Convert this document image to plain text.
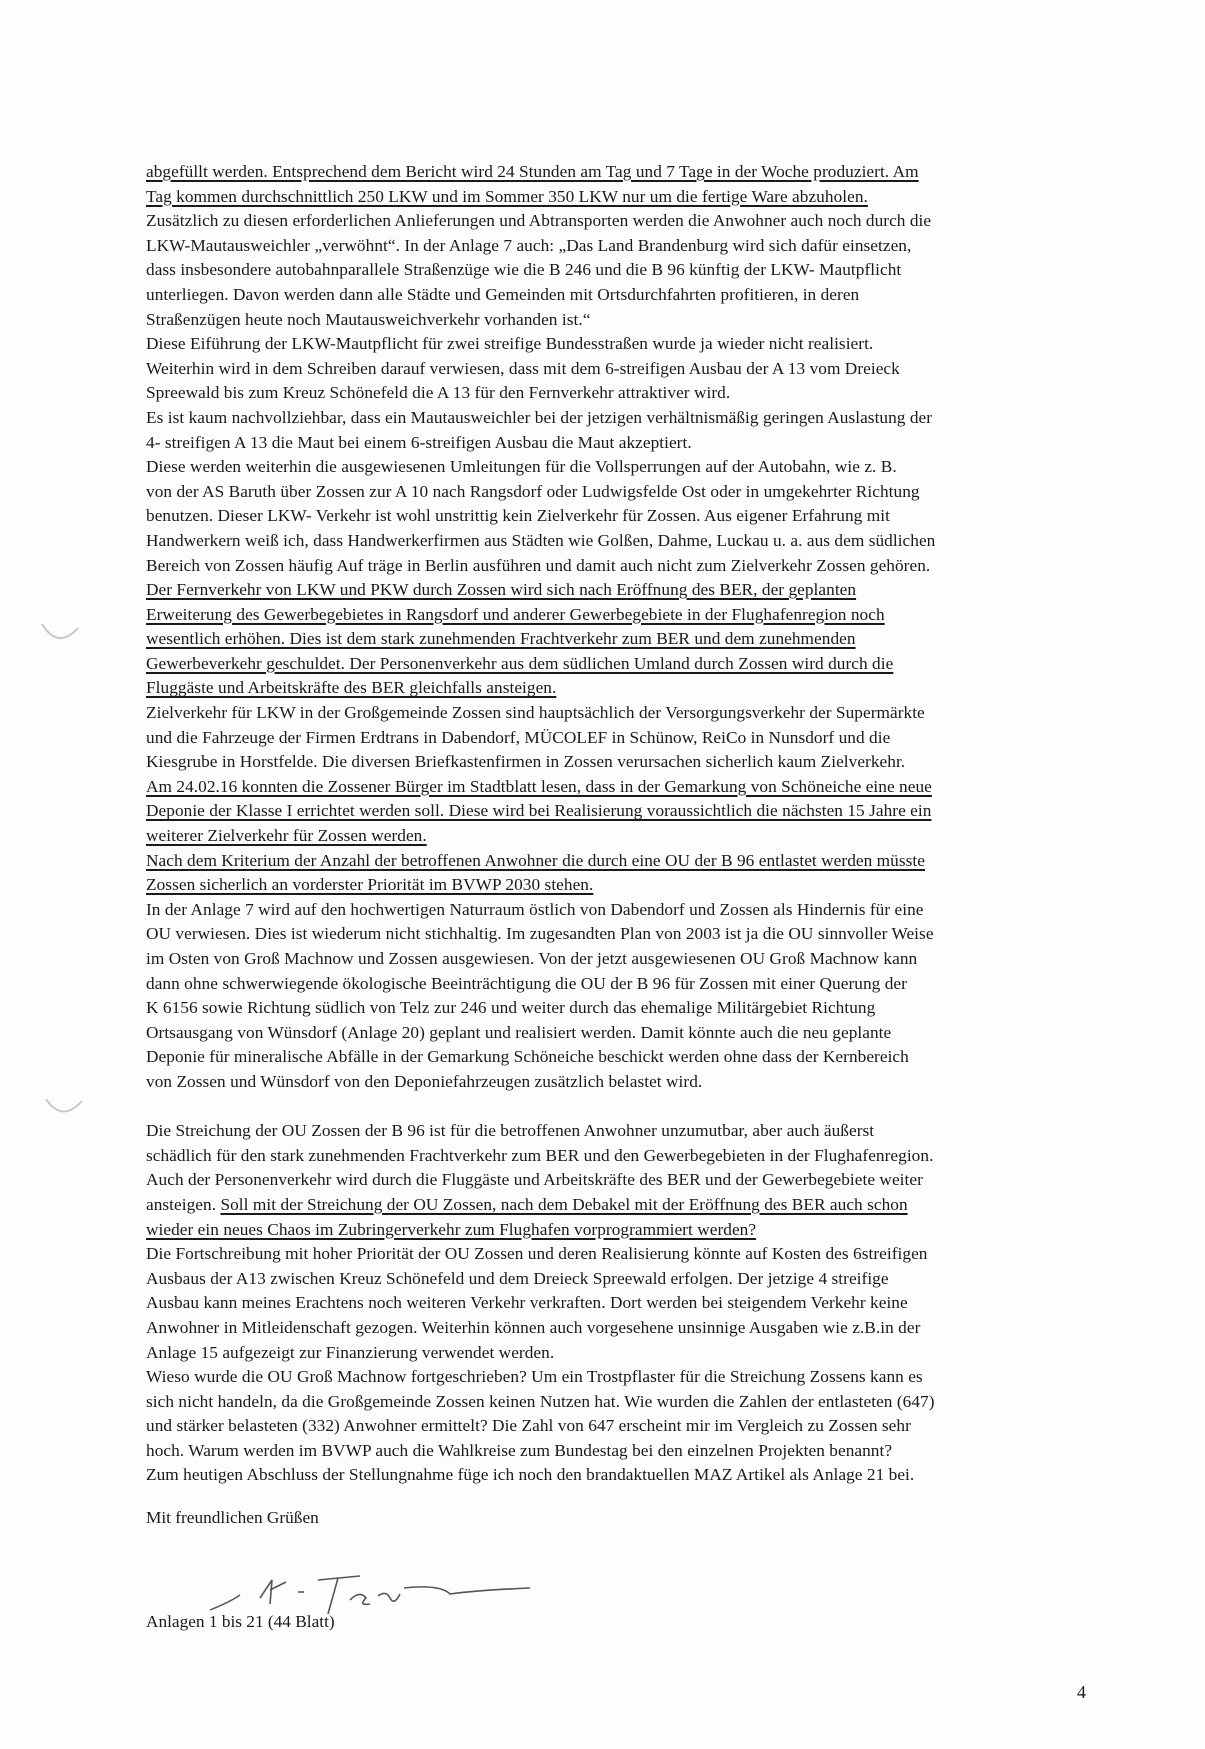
abgefüllt werden. Entsprechend dem Bericht wird 24 Stunden am Tag und 7 Tage in der Woche produziert. Am
Tag kommen durchschnittlich 250 LKW und im Sommer 350 LKW nur um die fertige Ware abzuholen.
Zusätzlich zu diesen erforderlichen Anlieferungen und Abtransporten werden die Anwohner auch noch durch die
LKW-Mautausweichler „verwöhnt“. In der Anlage 7 auch: „Das Land Brandenburg wird sich dafür einsetzen,
dass insbesondere autobahnparallele Straßenzüge wie die B 246 und die B 96 künftig der LKW- Mautpflicht
unterliegen. Davon werden dann alle Städte und Gemeinden mit Ortsdurchfahrten profitieren, in deren
Straßenzügen heute noch Mautausweichverkehr vorhanden ist.“
Diese Eiführung der LKW-Mautpflicht für zwei streifige Bundesstraßen wurde ja wieder nicht realisiert.
Weiterhin wird in dem Schreiben darauf verwiesen, dass mit dem 6-streifigen Ausbau der A 13 vom Dreieck
Spreewald bis zum Kreuz Schönefeld die A 13 für den Fernverkehr attraktiver wird.
Es ist kaum nachvollziehbar, dass ein Mautausweichler bei der jetzigen verhältnismäßig geringen Auslastung der
4- streifigen A 13 die Maut bei einem 6-streifigen Ausbau die Maut akzeptiert.
Diese werden weiterhin die ausgewiesenen Umleitungen für die Vollsperrungen auf der Autobahn, wie z. B.
von der AS Baruth über Zossen zur A 10 nach Rangsdorf oder Ludwigsfelde Ost oder in umgekehrter Richtung
benutzen. Dieser LKW- Verkehr ist wohl unstrittig kein Zielverkehr für Zossen. Aus eigener Erfahrung mit
Handwerkern weiß ich, dass Handwerkerfirmen aus Städten wie Golßen, Dahme, Luckau u. a. aus dem südlichen
Bereich von Zossen häufig Auf träge in Berlin ausführen und damit auch nicht zum Zielverkehr Zossen gehören.
Der Fernverkehr von LKW und PKW durch Zossen wird sich nach Eröffnung des BER, der geplanten
Erweiterung des Gewerbegebietes in Rangsdorf und anderer Gewerbegebiete in der Flughafenregion noch
wesentlich erhöhen. Dies ist dem stark zunehmenden Frachtverkehr zum BER und dem zunehmenden
Gewerbeverkehr geschuldet. Der Personenverkehr aus dem südlichen Umland durch Zossen wird durch die
Fluggäste und Arbeitskräfte des BER gleichfalls ansteigen.
Zielverkehr für LKW in der Großgemeinde Zossen sind hauptsächlich der Versorgungsverkehr der Supermärkte
und die Fahrzeuge der Firmen Erdtrans in Dabendorf, MÜCOLEF in Schünow, ReiCo in Nunsdorf und die
Kiesgrube in Horstfelde. Die diversen Briefkastenfirmen in Zossen verursachen sicherlich kaum Zielverkehr.
Am 24.02.16 konnten die Zossener Bürger im Stadtblatt lesen, dass in der Gemarkung von Schöneiche eine neue
Deponie der Klasse I errichtet werden soll. Diese wird bei Realisierung voraussichtlich die nächsten 15 Jahre ein
weiterer Zielverkehr für Zossen werden.
Nach dem Kriterium der Anzahl der betroffenen Anwohner die durch eine OU der B 96 entlastet werden müsste
Zossen sicherlich an vorderster Priorität im BVWP 2030 stehen.
In der Anlage 7 wird auf den hochwertigen Naturraum östlich von Dabendorf und Zossen als Hindernis für eine
OU verwiesen. Dies ist wiederum nicht stichhaltig. Im zugesandten Plan von 2003 ist ja die OU sinnvoller Weise
im Osten von Groß Machnow und Zossen ausgewiesen. Von der jetzt ausgewiesenen OU Groß Machnow kann
dann ohne schwerwiegende ökologische Beeinträchtigung die OU der B 96 für Zossen mit einer Querung der
K 6156 sowie Richtung südlich von Telz zur 246 und weiter durch das ehemalige Militärgebiet Richtung
Ortsausgang von Wünsdorf (Anlage 20) geplant und realisiert werden. Damit könnte auch die neu geplante
Deponie für mineralische Abfälle in der Gemarkung Schöneiche beschickt werden ohne dass der Kernbereich
von Zossen und Wünsdorf von den Deponiefahrzeugen zusätzlich belastet wird.
Die Streichung der OU Zossen der B 96 ist für die betroffenen Anwohner unzumutbar, aber auch äußerst
schädlich für den stark zunehmenden Frachtverkehr zum BER und den Gewerbegebieten in der Flughafenregion.
Auch der Personenverkehr wird durch die Fluggäste und Arbeitskräfte des BER und der Gewerbegebiete weiter
ansteigen. Soll mit der Streichung der OU Zossen, nach dem Debakel mit der Eröffnung des BER auch schon
wieder ein neues Chaos im Zubringerverkehr zum Flughafen vorprogrammiert werden?
Die Fortschreibung mit hoher Priorität der OU Zossen und deren Realisierung könnte auf Kosten des 6streifigen
Ausbaus der A13 zwischen Kreuz Schönefeld und dem Dreieck Spreewald erfolgen. Der jetzige 4 streifige
Ausbau kann meines Erachtens noch weiteren Verkehr verkraften. Dort werden bei steigendem Verkehr keine
Anwohner in Mitleidenschaft gezogen. Weiterhin können auch vorgesehene unsinnige Ausgaben wie z.B.in der
Anlage 15 aufgezeigt zur Finanzierung verwendet werden.
Wieso wurde die OU Groß Machnow fortgeschrieben? Um ein Trostpflaster für die Streichung Zossens kann es
sich nicht handeln, da die Großgemeinde Zossen keinen Nutzen hat. Wie wurden die Zahlen der entlasteten (647)
und stärker belasteten (332) Anwohner ermittelt? Die Zahl von 647 erscheint mir im Vergleich zu Zossen sehr
hoch. Warum werden im BVWP auch die Wahlkreise zum Bundestag bei den einzelnen Projekten benannt?
Zum heutigen Abschluss der Stellungnahme füge ich noch den brandaktuellen MAZ Artikel als Anlage 21 bei.
Mit freundlichen Grüßen
Anlagen 1 bis 21 (44 Blatt)
4
